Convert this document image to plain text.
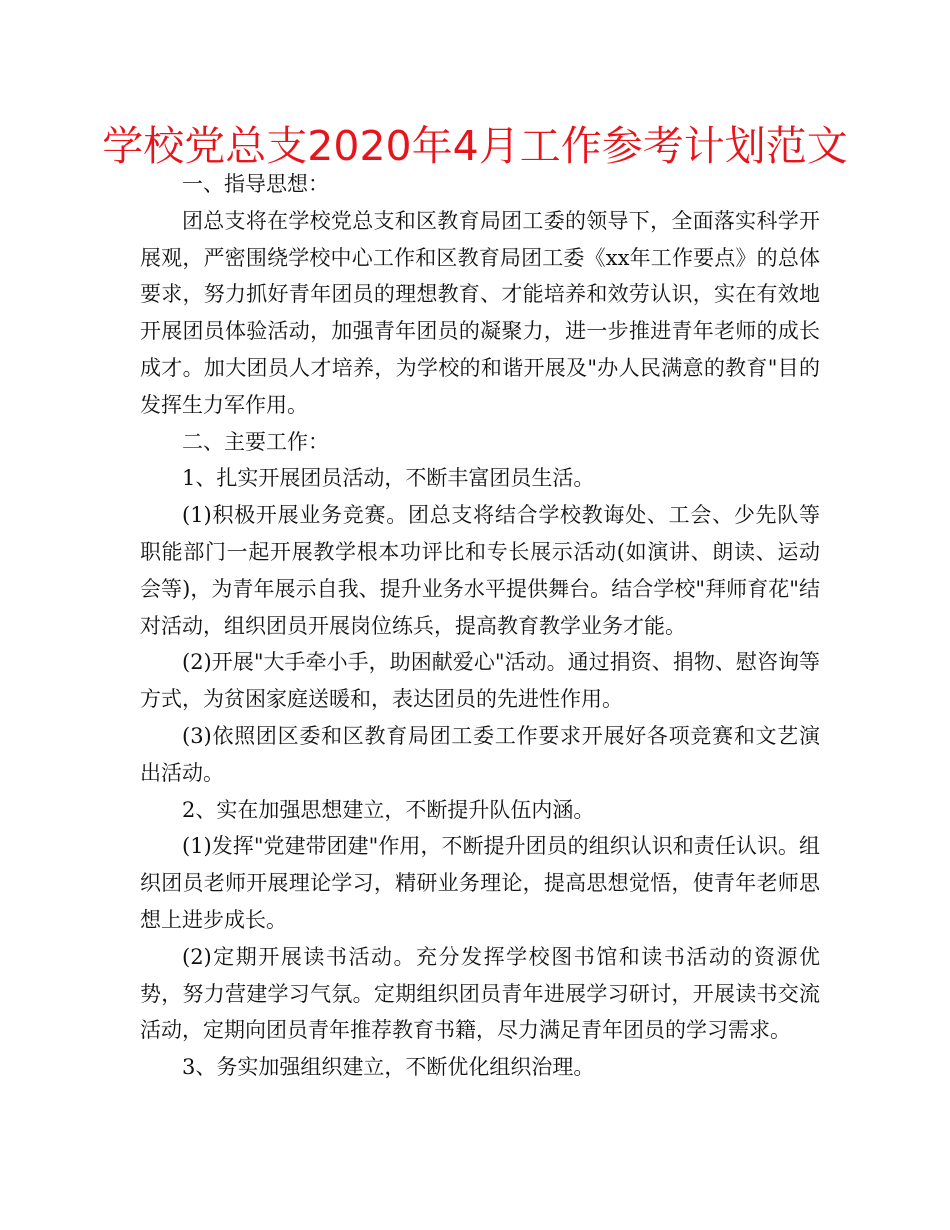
学校党总支2020年4月工作参考计划范文

一、指导思想：

团总支将在学校党总支和区教育局团工委的领导下，全面落实科学开展观，严密围绕学校中心工作和区教育局团工委《xx年工作要点》的总体要求，努力抓好青年团员的理想教育、才能培养和效劳认识，实在有效地开展团员体验活动，加强青年团员的凝聚力，进一步推进青年老师的成长成才。加大团员人才培养，为学校的和谐开展及"办人民满意的教育"目的发挥生力军作用。

二、主要工作：

1、扎实开展团员活动，不断丰富团员生活。

(1)积极开展业务竞赛。团总支将结合学校教诲处、工会、少先队等职能部门一起开展教学根本功评比和专长展示活动(如演讲、朗读、运动会等)，为青年展示自我、提升业务水平提供舞台。结合学校"拜师育花"结对活动，组织团员开展岗位练兵，提高教育教学业务才能。

(2)开展"大手牵小手，助困献爱心"活动。通过捐资、捐物、慰咨询等方式，为贫困家庭送暖和，表达团员的先进性作用。

(3)依照团区委和区教育局团工委工作要求开展好各项竞赛和文艺演出活动。

2、实在加强思想建立，不断提升队伍内涵。

(1)发挥"党建带团建"作用，不断提升团员的组织认识和责任认识。组织团员老师开展理论学习，精研业务理论，提高思想觉悟，使青年老师思想上进步成长。

(2)定期开展读书活动。充分发挥学校图书馆和读书活动的资源优势，努力营建学习气氛。定期组织团员青年进展学习研讨，开展读书交流活动，定期向团员青年推荐教育书籍，尽力满足青年团员的学习需求。

3、务实加强组织建立，不断优化组织治理。
